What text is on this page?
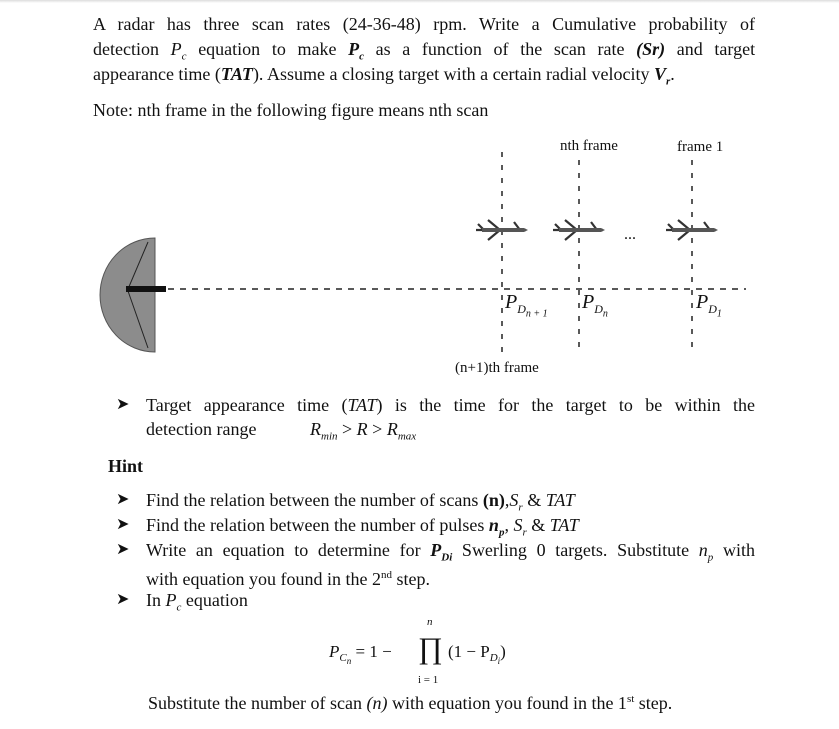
A radar has three scan rates (24-36-48) rpm. Write a Cumulative probability of
detection $P_c$ equation to make $P_c$ as a function of the scan rate (Sr) and target
appearance time (TAT). Assume a closing target with a certain radial velocity $V_r$.
Note: nth frame in the following figure means nth scan
nth frame	frame 1
...
$P_{D_{n + 1}}$
$P_{D_n}$
$P_{D_1}$
(n+1)th frame
➤ Target appearance time (TAT) is the time for the target to be within the
detection range	$R_{min} > R > R_{max}$
Hint
➤ Find the relation between the number of scans $(n),S_r$ & TAT
➤ Find the relation between the number of pulses $n_p$, $S_r$ & TAT
➤ Write an equation to determine for $P_{Di}$ Swerling 0 targets. Substitute $n_p$ with
with equation you found in the 2nd step.
➤ In $P_c$ equation
n
$P_{C_n} = 1$ − ∏ $(1 - P_{D_i})$
i = 1
Substitute the number of scan (n) with equation you found in the 1st step.
